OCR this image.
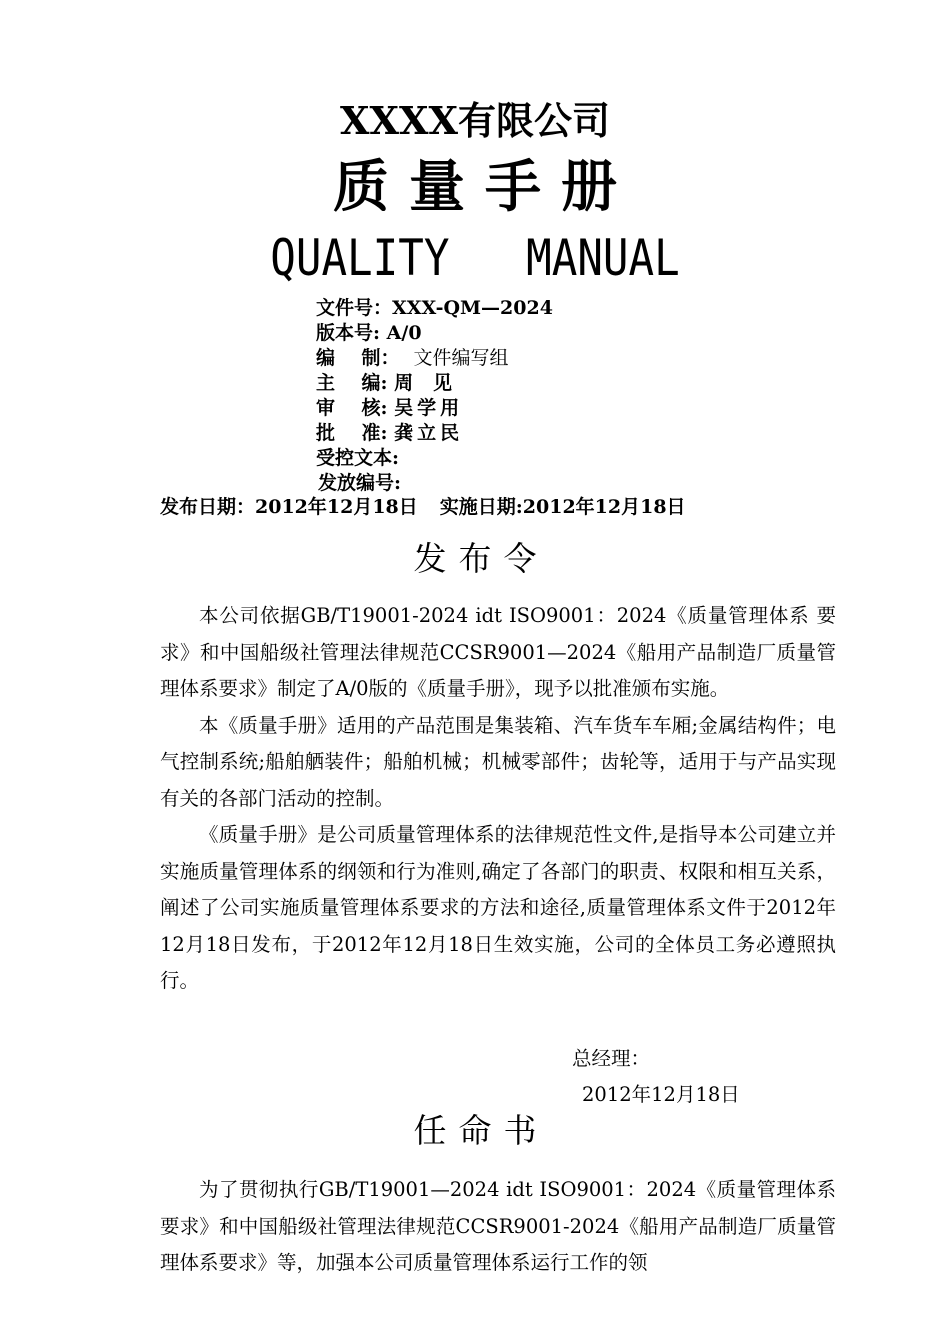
XXXX有限公司
质量手册
QUALITY   MANUAL
文件号：XXX-QM—2024
版本号: A/0
编    制： 文件编写组
主    编: 周   见
审    核: 吴学用
批    准: 龚立民
受控文本:
发放编号:
发布日期：2012年12月18日 实施日期:2012年12月18日
发布令

本公司依据GB/T19001-2024 idt ISO9001：2024《质量管理体系 要求》和中国船级社管理法律规范CCSR9001—2024《船用产品制造厂质量管理体系要求》制定了A/0版的《质量手册》，现予以批准颁布实施。

本《质量手册》适用的产品范围是集装箱、汽车货车车厢;金属结构件；电气控制系统;船舶舾装件；船舶机械；机械零部件；齿轮等，适用于与产品实现有关的各部门活动的控制。

《质量手册》是公司质量管理体系的法律规范性文件,是指导本公司建立并实施质量管理体系的纲领和行为准则,确定了各部门的职责、权限和相互关系，阐述了公司实施质量管理体系要求的方法和途径,质量管理体系文件于2012年12月18日发布，于2012年12月18日生效实施，公司的全体员工务必遵照执行。

总经理：
2012年12月18日
任命书

为了贯彻执行GB/T19001—2024 idt ISO9001：2024《质量管理体系 要求》和中国船级社管理法律规范CCSR9001-2024《船用产品制造厂质量管理体系要求》等，加强本公司质量管理体系运行工作的领
